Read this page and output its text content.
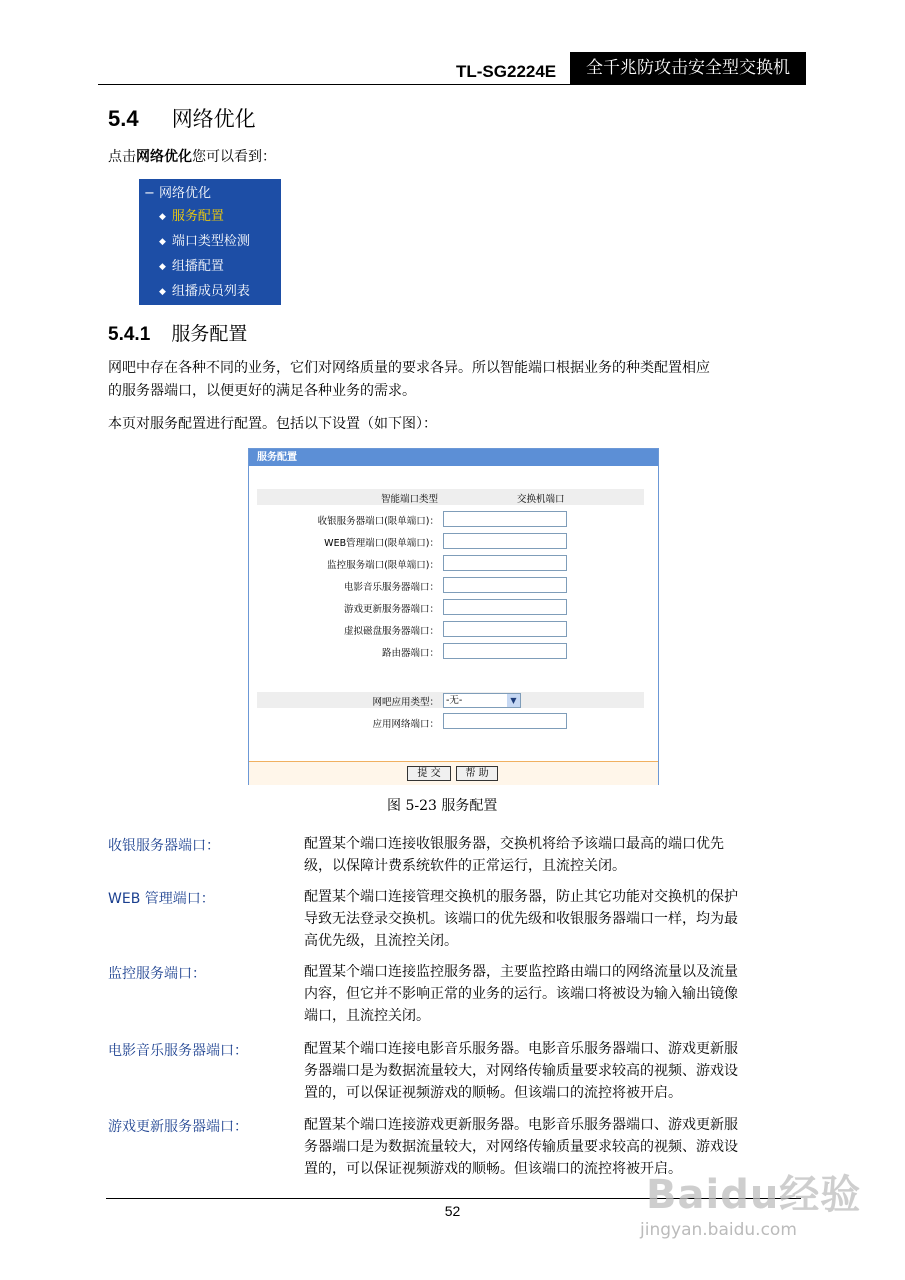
TL-SG2224E	全千兆防攻击安全型交换机
5.4 网络优化
点击网络优化您可以看到：
− 网络优化
◆ 服务配置
◆ 端口类型检测
◆ 组播配置
◆ 组播成员列表
5.4.1 服务配置
网吧中存在各种不同的业务，它们对网络质量的要求各异。所以智能端口根据业务的种类配置相应
的服务器端口，以便更好的满足各种业务的需求。
本页对服务配置进行配置。包括以下设置（如下图）：
服务配置
智能端口类型	交换机端口
收银服务器端口(限单端口)：
WEB管理端口(限单端口)：
监控服务端口(限单端口)：
电影音乐服务器端口：
游戏更新服务器端口：
虚拟磁盘服务器端口：
路由器端口：
网吧应用类型： -无-	▼
应用网络端口：
提 交	帮 助
图 5-23 服务配置
收银服务器端口：	配置某个端口连接收银服务器，交换机将给予该端口最高的端口优先
级，以保障计费系统软件的正常运行，且流控关闭。
WEB 管理端口：	配置某个端口连接管理交换机的服务器，防止其它功能对交换机的保护
导致无法登录交换机。该端口的优先级和收银服务器端口一样，均为最
高优先级，且流控关闭。
监控服务端口：	配置某个端口连接监控服务器，主要监控路由端口的网络流量以及流量
内容，但它并不影响正常的业务的运行。该端口将被设为输入输出镜像
端口，且流控关闭。
电影音乐服务器端口：	配置某个端口连接电影音乐服务器。电影音乐服务器端口、游戏更新服
务器端口是为数据流量较大，对网络传输质量要求较高的视频、游戏设
置的，可以保证视频游戏的顺畅。但该端口的流控将被开启。
游戏更新服务器端口：	配置某个端口连接游戏更新服务器。电影音乐服务器端口、游戏更新服
务器端口是为数据流量较大，对网络传输质量要求较高的视频、游戏设
置的，可以保证视频游戏的顺畅。但该端口的流控将被开启。
52	Baidu经验
jingyan.baidu.com
